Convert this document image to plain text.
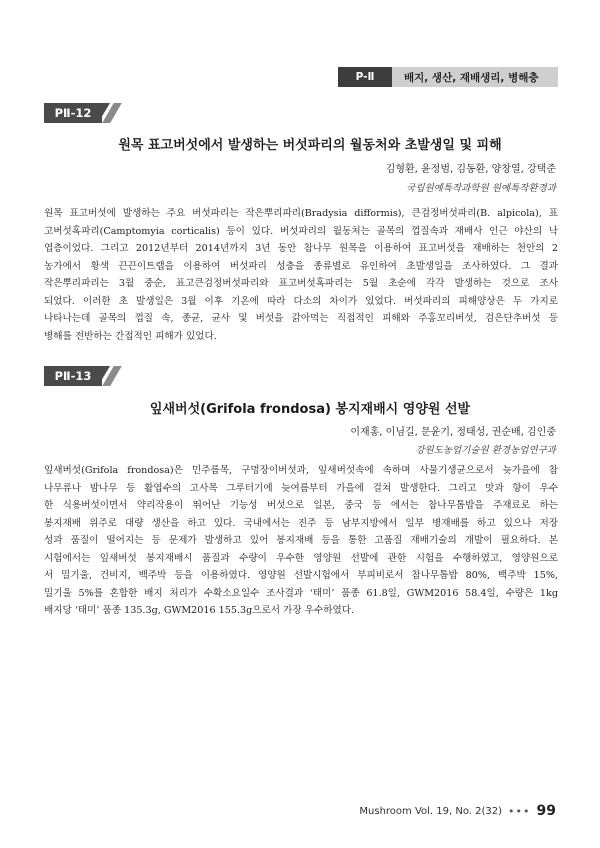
P-Ⅱ	배지, 생산, 재배생리, 병해충
PⅡ-12
원목 표고버섯에서 발생하는 버섯파리의 월동처와 초발생일 및 피해
김형환, 윤정범, 김동환, 양창열, 강택준
국립원예특작과학원 원예특작환경과
원목 표고버섯에 발생하는 주요 버섯파리는 작은뿌리파리(Bradysia difformis), 큰검정버섯파리(B. alpicola), 표
고버섯혹파리(Camptomyia corticalis) 등이 있다. 버섯파리의 월동처는 골목의 껍질속과 재배사 인근 야산의 낙
엽층이었다. 그리고 2012년부터 2014년까지 3년 동안 참나무 원목을 이용하여 표고버섯을 재배하는 천안의 2
농가에서 황색 끈끈이트랩을 이용하여 버섯파리 성충을 종류별로 유인하여 초발생일을 조사하였다. 그 결과
작은뿌리파리는 3월 중순, 표고큰검정버섯파리와 표고버섯혹파리는 5월 초순에 각각 발생하는 것으로 조사
되었다. 이러한 초 발생일은 3월 이후 기온에 따라 다소의 차이가 있었다. 버섯파리의 피해양상은 두 가지로
나타나는데 골목의 껍질 속, 종균, 균사 및 버섯을 갉아먹는 직접적인 피해와 주홍꼬리버섯, 검은단추버섯 등
병해를 전반하는 간접적인 피해가 있었다.
PⅡ-13
잎새버섯(Grifola frondosa) 봉지재배시 영양원 선발
이재홍, 이님길, 문윤기, 정태성, 권순배, 김인중
강원도농업기술원 환경농업연구과
잎새버섯(Grifola frondosa)은 민주름목, 구멍장이버섯과, 잎새버섯속에 속하며 사물기생균으로서 늦가을에 참
나무류나 밤나무 등 활엽수의 고사목 그루터기에 늦여름부터 가을에 걸쳐 발생한다. 그리고 맛과 향이 우수
한 식용버섯이면서 약리작용이 뛰어난 기능성 버섯으로 일본, 중국 등 에서는 참나무톱밥을 주재료로 하는
봉지재배 위주로 대량 생산을 하고 있다. 국내에서는 진주 등 남부지방에서 일부 병재배를 하고 있으나 저장
성과 품질이 떨어지는 등 문제가 발생하고 있어 봉지재배 등을 통한 고품질 재배기술의 개발이 필요하다. 본
시험에서는 잎새버섯 봉지재배시 품질과 수량이 우수한 영양원 선발에 관한 시험을 수행하였고, 영양원으로
서 밀기울, 건비지, 백주박 등을 이용하였다. 영양원 선발시험에서 부피비로서 참나무톱밥 80%, 백주박 15%,
밀기울 5%를 혼합한 배지 처리가 수확소요일수 조사결과 ‘태미’ 품종 61.8일, GWM2016 58.4일, 수량은 1kg
배지당 ‘태미’ 품종 135.3g, GWM2016 155.3g으로서 가장 우수하였다.
Mushroom Vol. 19, No. 2(32) ••• 99
